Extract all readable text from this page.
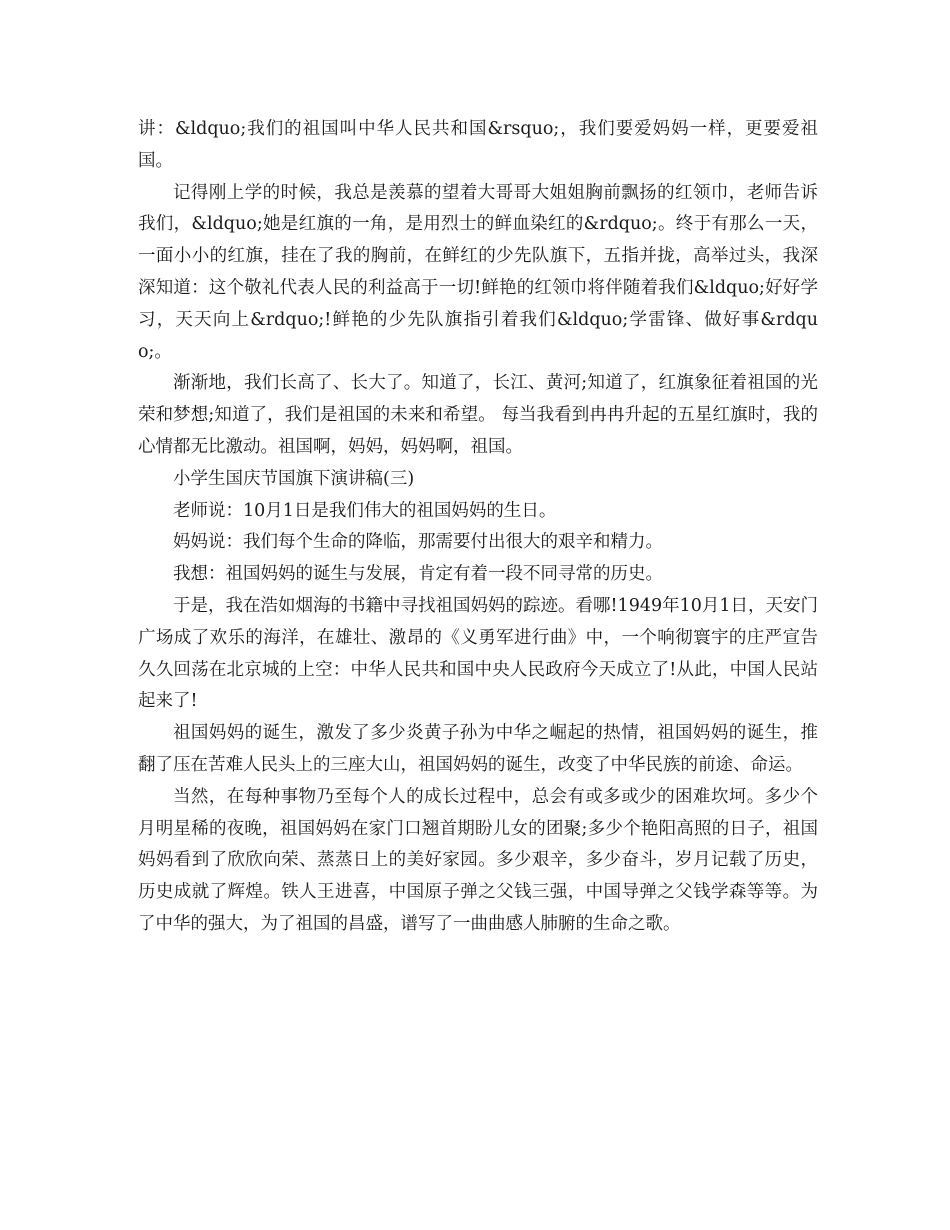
讲：&ldquo;我们的祖国叫中华人民共和国&rsquo;，我们要爱妈妈一样，更要爱祖国。

记得刚上学的时候，我总是羡慕的望着大哥哥大姐姐胸前飘扬的红领巾，老师告诉我们，&ldquo;她是红旗的一角，是用烈士的鲜血染红的&rdquo;。终于有那么一天， 一面小小的红旗，挂在了我的胸前，在鲜红的少先队旗下，五指并拢，高举过头，我深深知道：这个敬礼代表人民的利益高于一切!鲜艳的红领巾将伴随着我们&ldquo;好好学习，天天向上&rdquo;!鲜艳的少先队旗指引着我们&ldquo;学雷锋、做好事&rdquo;。

渐渐地，我们长高了、长大了。知道了，长江、黄河;知道了，红旗象征着祖国的光荣和梦想;知道了，我们是祖国的未来和希望。 每当我看到冉冉升起的五星红旗时，我的心情都无比激动。祖国啊，妈妈，妈妈啊，祖国。

小学生国庆节国旗下演讲稿(三)

老师说：10月1日是我们伟大的祖国妈妈的生日。

妈妈说：我们每个生命的降临，那需要付出很大的艰辛和精力。

我想：祖国妈妈的诞生与发展，肯定有着一段不同寻常的历史。

于是，我在浩如烟海的书籍中寻找祖国妈妈的踪迹。看哪!1949年10月1日，天安门广场成了欢乐的海洋，在雄壮、激昂的《义勇军进行曲》中，一个响彻寰宇的庄严宣告久久回荡在北京城的上空：中华人民共和国中央人民政府今天成立了!从此，中国人民站起来了!

祖国妈妈的诞生，激发了多少炎黄子孙为中华之崛起的热情，祖国妈妈的诞生，推翻了压在苦难人民头上的三座大山，祖国妈妈的诞生，改变了中华民族的前途、命运。

当然，在每种事物乃至每个人的成长过程中，总会有或多或少的困难坎坷。多少个月明星稀的夜晚，祖国妈妈在家门口翘首期盼儿女的团聚;多少个艳阳高照的日子，祖国妈妈看到了欣欣向荣、蒸蒸日上的美好家园。多少艰辛，多少奋斗，岁月记载了历史，历史成就了辉煌。铁人王进喜，中国原子弹之父钱三强，中国导弹之父钱学森等等。为了中华的强大，为了祖国的昌盛，谱写了一曲曲感人肺腑的生命之歌。
